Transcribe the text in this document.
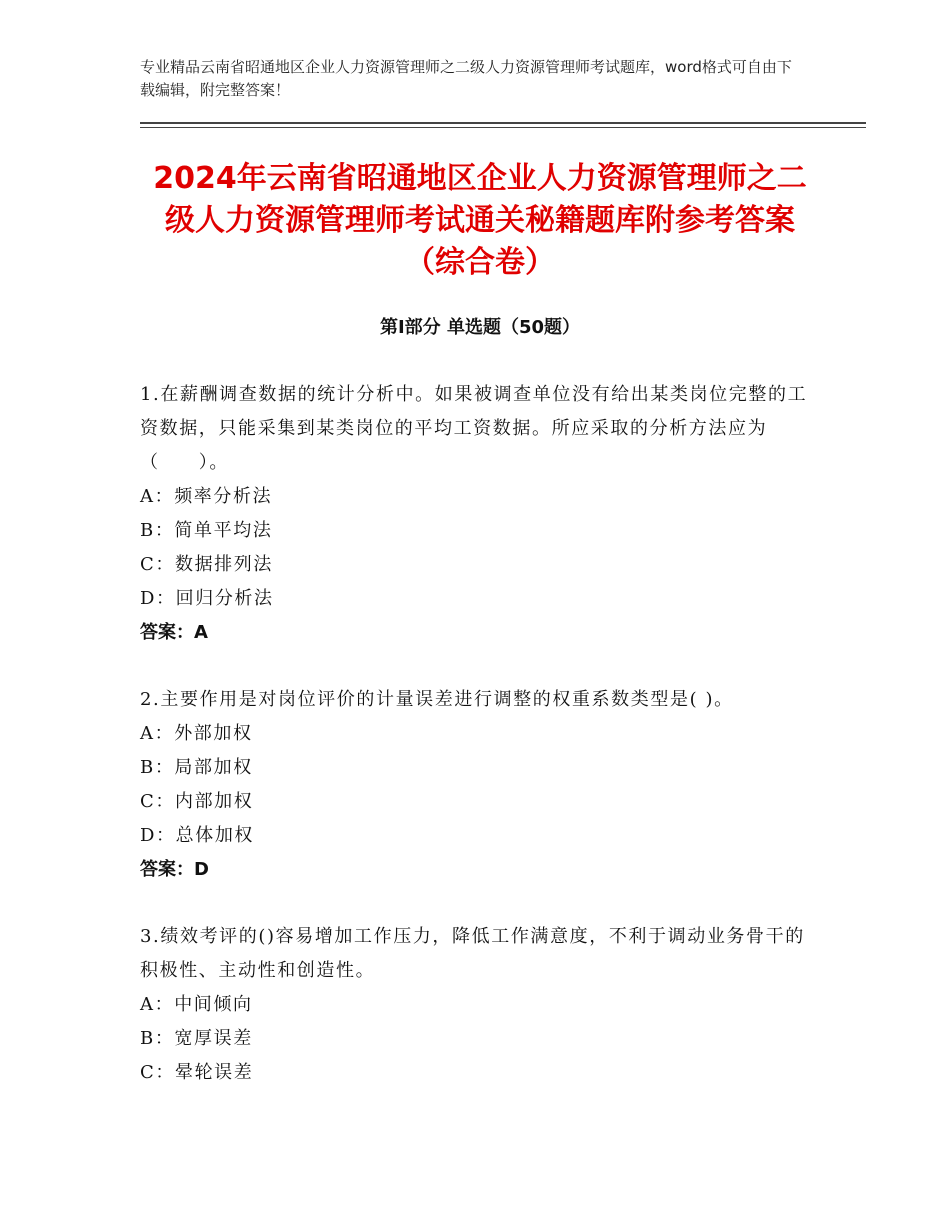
专业精品云南省昭通地区企业人力资源管理师之二级人力资源管理师考试题库，word格式可自由下载编辑，附完整答案！
2024年云南省昭通地区企业人力资源管理师之二级人力资源管理师考试通关秘籍题库附参考答案（综合卷）
第Ⅰ部分 单选题（50题）
1.在薪酬调查数据的统计分析中。如果被调查单位没有给出某类岗位完整的工资数据，只能采集到某类岗位的平均工资数据。所应采取的分析方法应为（　　）。
A：频率分析法
B：简单平均法
C：数据排列法
D：回归分析法
答案：A
2.主要作用是对岗位评价的计量误差进行调整的权重系数类型是( )。
A：外部加权
B：局部加权
C：内部加权
D：总体加权
答案：D
3.绩效考评的()容易增加工作压力，降低工作满意度，不利于调动业务骨干的积极性、主动性和创造性。
A：中间倾向
B：宽厚误差
C：晕轮误差
